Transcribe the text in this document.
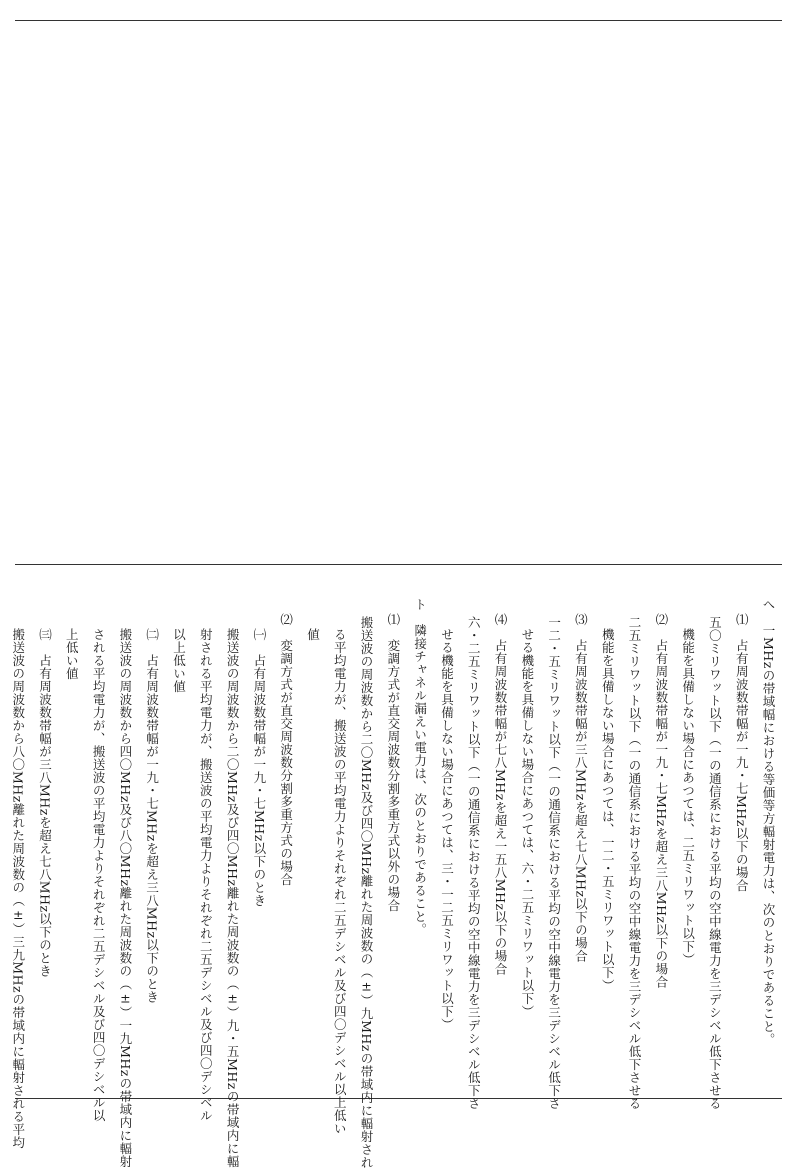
へ　一MHzの帯域幅における等価等方輻射電力は、次のとおりであること。
⑴　占有周波数帯幅が一九・七MHz以下の場合
五〇ミリワット以下（一の通信系における平均の空中線電力を三デシベル低下させる
機能を具備しない場合にあつては、二五ミリワット以下）
⑵　占有周波数帯幅が一九・七MHzを超え三八MHz以下の場合
二五ミリワット以下（一の通信系における平均の空中線電力を三デシベル低下させる
機能を具備しない場合にあつては、一二・五ミリワット以下）
⑶　占有周波数帯幅が三八MHzを超え七八MHz以下の場合
一二・五ミリワット以下（一の通信系における平均の空中線電力を三デシベル低下さ
せる機能を具備しない場合にあつては、六・二五ミリワット以下）
⑷　占有周波数帯幅が七八MHzを超え一五八MHz以下の場合
六・二五ミリワット以下（一の通信系における平均の空中線電力を三デシベル低下さ
せる機能を具備しない場合にあつては、三・一二五ミリワット以下）
ト　隣接チャネル漏えい電力は、次のとおりであること。
⑴　変調方式が直交周波数分割多重方式以外の場合
搬送波の周波数から二〇MHz及び四〇MHz離れた周波数の（±）九MHzの帯域内に輻射され
る平均電力が、搬送波の平均電力よりそれぞれ二五デシベル及び四〇デシベル以上低い
値
⑵　変調方式が直交周波数分割多重方式の場合
㈠　占有周波数帯幅が一九・七MHz以下のとき
搬送波の周波数から二〇MHz及び四〇MHz離れた周波数の（±）九・五MHzの帯域内に輻
射される平均電力が、搬送波の平均電力よりそれぞれ二五デシベル及び四〇デシベル
以上低い値
㈡　占有周波数帯幅が一九・七MHzを超え三八MHz以下のとき
搬送波の周波数から四〇MHz及び八〇MHz離れた周波数の（±）一九MHzの帯域内に輻射
される平均電力が、搬送波の平均電力よりそれぞれ二五デシベル及び四〇デシベル以
上低い値
㈢　占有周波数帯幅が三八MHzを超え七八MHz以下のとき
搬送波の周波数から八〇MHz離れた周波数の（±）三九MHzの帯域内に輻射される平均
